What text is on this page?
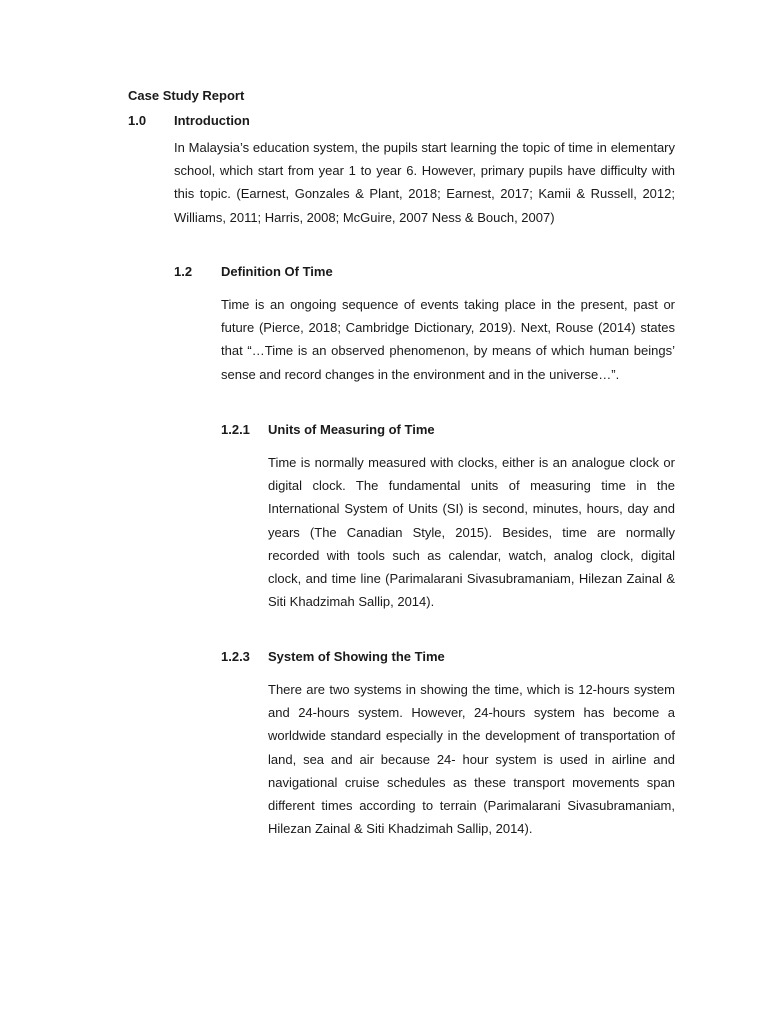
Case Study Report
1.0 Introduction

In Malaysia’s education system, the pupils start learning the topic of time in elementary school, which start from year 1 to year 6. However, primary pupils have difficulty with this topic. (Earnest, Gonzales & Plant, 2018; Earnest, 2017; Kamii & Russell, 2012; Williams, 2011; Harris, 2008; McGuire, 2007 Ness & Bouch, 2007)

1.2 Definition Of Time

Time is an ongoing sequence of events taking place in the present, past or future (Pierce, 2018; Cambridge Dictionary, 2019). Next, Rouse (2014) states that “…Time is an observed phenomenon, by means of which human beings’ sense and record changes in the environment and in the universe…”.

1.2.1 Units of Measuring of Time

Time is normally measured with clocks, either is an analogue clock or digital clock. The fundamental units of measuring time in the International System of Units (SI) is second, minutes, hours, day and years (The Canadian Style, 2015). Besides, time are normally recorded with tools such as calendar, watch, analog clock, digital clock, and time line (Parimalarani Sivasubramaniam, Hilezan Zainal & Siti Khadzimah Sallip, 2014).

1.2.3 System of Showing the Time

There are two systems in showing the time, which is 12-hours system and 24-hours system. However, 24-hours system has become a worldwide standard especially in the development of transportation of land, sea and air because 24- hour system is used in airline and navigational cruise schedules as these transport movements span different times according to terrain (Parimalarani Sivasubramaniam, Hilezan Zainal & Siti Khadzimah Sallip, 2014).
